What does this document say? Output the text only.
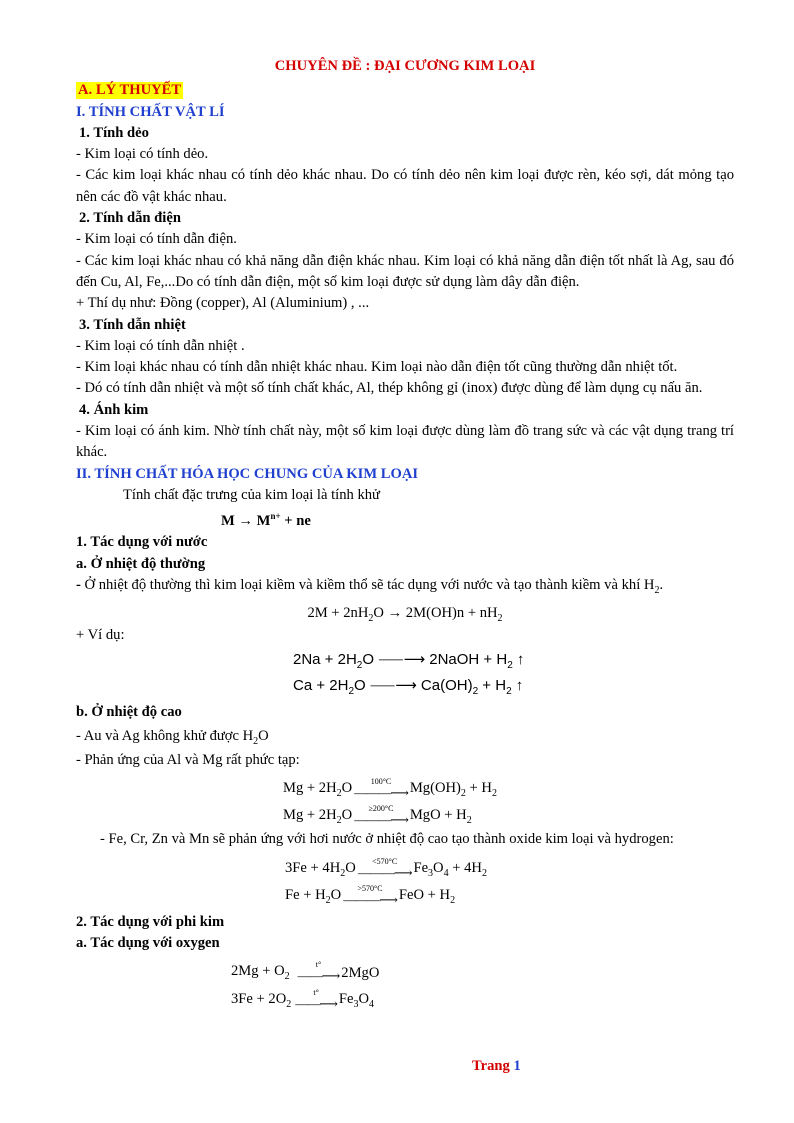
CHUYÊN ĐỀ : ĐẠI CƯƠNG KIM LOẠI

A. LÝ THUYẾT

I. TÍNH CHẤT VẬT LÍ

1. Tính dẻo

- Kim loại có tính dẻo.

- Các kim loại khác nhau có tính dẻo khác nhau. Do có tính dẻo nên kim loại được rèn, kéo sợi, dát mỏng tạo nên các đồ vật khác nhau.

2. Tính dẫn điện

- Kim loại có tính dẫn điện.

- Các kim loại khác nhau có khả năng dẫn điện khác nhau. Kim loại có khả năng dẫn điện tốt nhất là Ag, sau đó đến Cu, Al, Fe,...Do có tính dẫn điện, một số kim loại được sử dụng làm dây dẫn điện.

+ Thí dụ như: Đồng (copper), Al (Aluminium) , ...

3. Tính dẫn nhiệt

- Kim loại có tính dẫn nhiệt .

- Kim loại khác nhau có tính dẫn nhiệt khác nhau. Kim loại nào dẫn điện tốt cũng thường dẫn nhiệt tốt.

- Dó có tính dẫn nhiệt và một số tính chất khác, Al, thép không gỉ (inox) được dùng để làm dụng cụ nấu ăn.

4. Ánh kim

- Kim loại có ánh kim. Nhờ tính chất này, một số kim loại được dùng làm đồ trang sức và các vật dụng trang trí khác.

II. TÍNH CHẤT HÓA HỌC CHUNG CỦA KIM LOẠI

Tính chất đặc trưng của kim loại là tính khử

$M \to M^{n+}$ + ne

1. Tác dụng với nước

a. Ở nhiệt độ thường

- Ở nhiệt độ thường thì kim loại kiềm và kiềm thổ sẽ tác dụng với nước và tạo thành kiềm và khí $H_2$.

$2M + 2nH_2O \to 2M(OH)n + nH_2$

+ Ví dụ:

$2Na + 2H_2O$ ⸺⟶ 2NaOH + $H_2$ ↑

$Ca + 2H_2O$ ⸺⟶ $Ca(OH)_2 + H_2$ ↑

b. Ở nhiệt độ cao

- Au và Ag không khử được $H_2O$

- Phản ứng của Al và Mg rất phức tạp:

$Mg + 2H_2O$ 100°C
———⟶ $Mg(OH)_2 + H_2$
$Mg + 2H_2O \ge 200^\circ C$
———⟶ MgO + $H_2$

- Fe, Cr, Zn và Mn sẽ phản ứng với hơi nước ở nhiệt độ cao tạo thành oxide kim loại và hydrogen:

$3Fe + 4H_2O <570^\circ C$
———⟶ $Fe_3O_4 + 4H_2$
$Fe + H_2O >570^\circ C$
———⟶ FeO + $H_2$

2. Tác dụng với phi kim

a. Tác dụng với oxygen

$2Mg + O_2$
t°
——⟶ 2MgO
$3Fe + 2O_2$
t°
——⟶ $Fe_3O_4$
Trang 1
